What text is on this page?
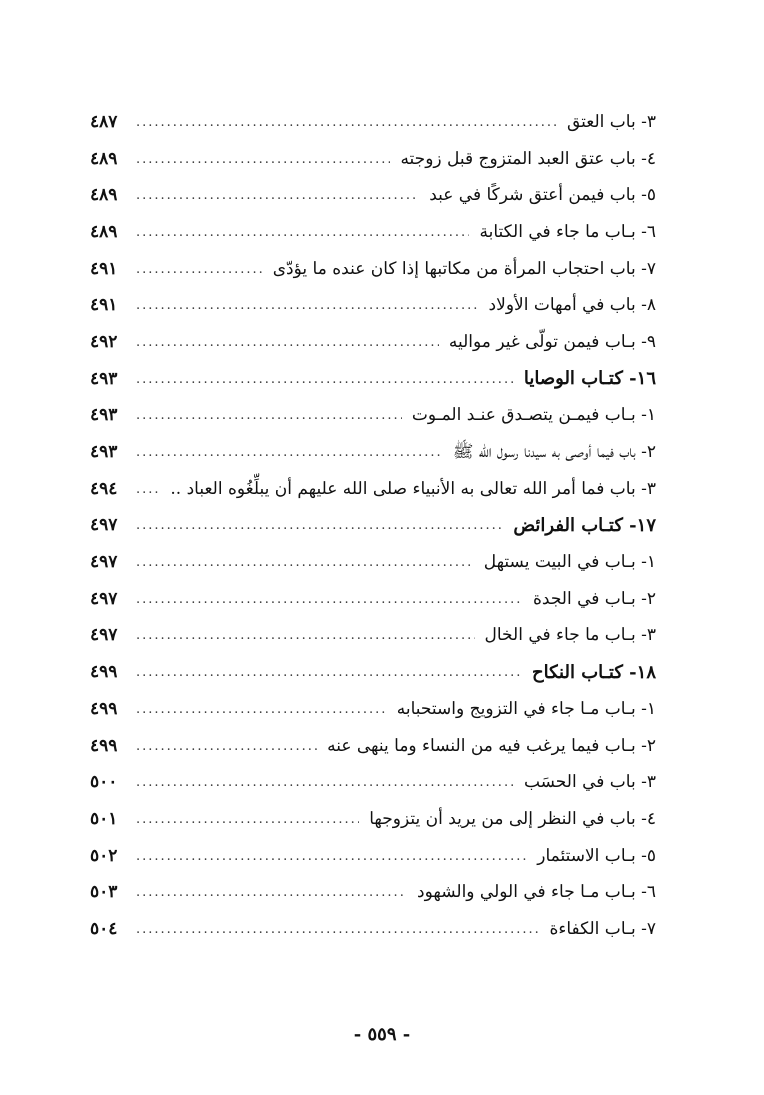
٣- باب العتق
.....
٤٨٧
٤- باب عتق العبد المتزوج قبل زوجته
.....
٤٨٩
٥- باب فيمن أعتق شركًا في عبد
.....
٤٨٩
٦- بـاب ما جاء في الكتابة
.....
٤٨٩
٧- باب احتجاب المرأة من مكاتبها إذا كان عنده ما يؤدّى
.....
٤٩١
٨- باب في أمهات الأولاد
.....
٤٩١
٩- بـاب فيمن تولّى غير مواليه
.....
٤٩٢
١٦- كتـاب الوصايا
.....
٤٩٣
١- بـاب فيمـن يتصـدق عنـد المـوت
.....
٤٩٣
٢- باب فيما أوصى به سيدنا رسول الله ﷺ
.....
٤٩٣
٣- باب فما أمر الله تعالى به الأنبياء صلى الله عليهم أن يبلِّغُوه العباد ..
.....
٤٩٤
١٧- كتـاب الفرائض
.....
٤٩٧
١- بـاب في البيت يستهل
.....
٤٩٧
٢- بـاب في الجدة
.....
٤٩٧
٣- بـاب ما جاء في الخال
.....
٤٩٧
١٨- كتـاب النكاح
.....
٤٩٩
١- بـاب مـا جاء في التزويج واستحبابه
.....
٤٩٩
٢- بـاب فيما يرغب فيه من النساء وما ينهى عنه
.....
٤٩٩
٣- باب في الحسَب
.....
٥٠٠
٤- باب في النظر إلى من يريد أن يتزوجها
.....
٥٠١
٥- بـاب الاستئمار
.....
٥٠٢
٦- بـاب مـا جاء في الولي والشهود
.....
٥٠٣
٧- بـاب الكفاءة
.....
٥٠٤
- ٥٥٩ -
